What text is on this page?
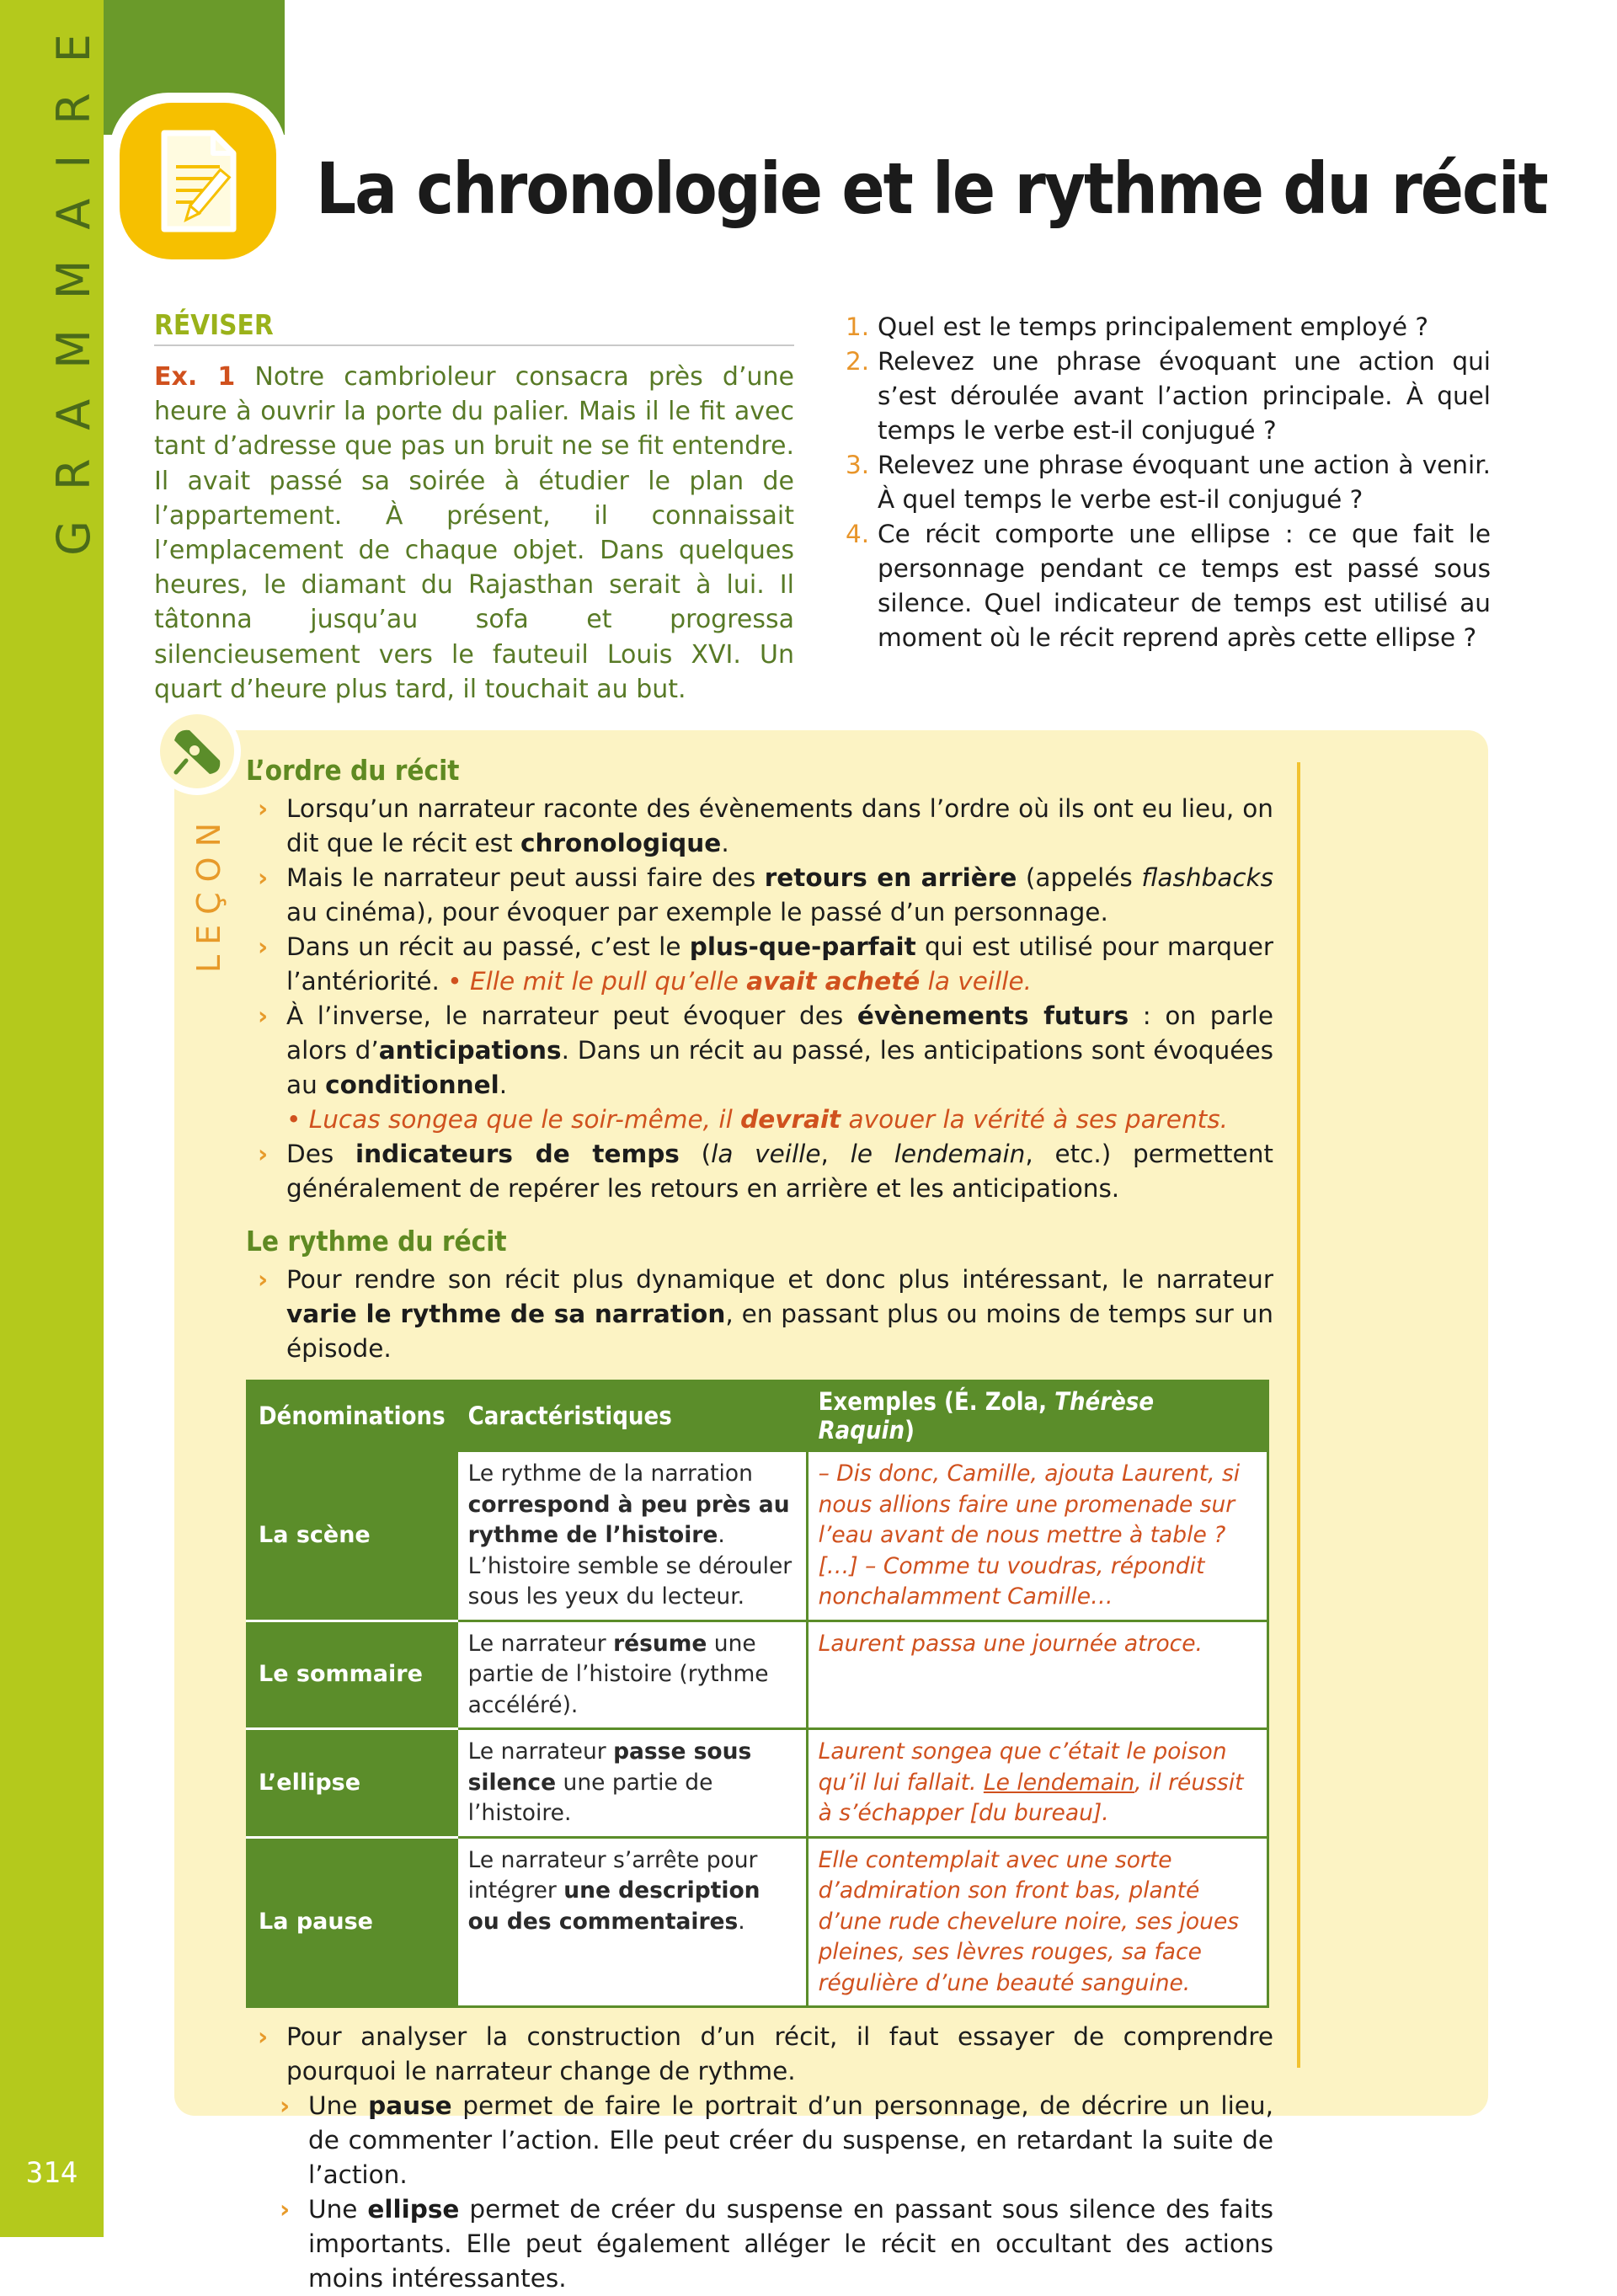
GRAMMAIRE
314
La chronologie et le rythme du récit
RÉVISER

Ex. 1 Notre cambrioleur consacra près d’une heure à ouvrir la porte du palier. Mais il le fit avec tant d’adresse que pas un bruit ne se fit entendre. Il avait passé sa soirée à étudier le plan de l’appartement. À présent, il connaissait l’emplacement de chaque objet. Dans quelques heures, le diamant du Rajasthan serait à lui. Il tâtonna jusqu’au sofa et progressa silencieusement vers le fauteuil Louis XVI. Un quart d’heure plus tard, il touchait au but.

1. Quel est le temps principalement employé ?
2. Relevez une phrase évoquant une action qui s’est déroulée avant l’action principale. À quel temps le verbe est-il conjugué ?
3. Relevez une phrase évoquant une action à venir. À quel temps le verbe est-il conjugué ?
4. Ce récit comporte une ellipse : ce que fait le personnage pendant ce temps est passé sous silence. Quel indicateur de temps est utilisé au moment où le récit reprend après cette ellipse ?
LEÇON
L’ordre du récit

› Lorsqu’un narrateur raconte des évènements dans l’ordre où ils ont eu lieu, on dit que le récit est chronologique.

› Mais le narrateur peut aussi faire des retours en arrière (appelés flashbacks au cinéma), pour évoquer par exemple le passé d’un personnage.

› Dans un récit au passé, c’est le plus-que-parfait qui est utilisé pour marquer l’antériorité. • Elle mit le pull qu’elle avait acheté la veille.

› À l’inverse, le narrateur peut évoquer des évènements futurs : on parle alors d’anticipations. Dans un récit au passé, les anticipations sont évoquées au conditionnel.
• Lucas songea que le soir-même, il devrait avouer la vérité à ses parents.

› Des indicateurs de temps (la veille, le lendemain, etc.) permettent généralement de repérer les retours en arrière et les anticipations.

Le rythme du récit

› Pour rendre son récit plus dynamique et donc plus intéressant, le narrateur varie le rythme de sa narration, en passant plus ou moins de temps sur un épisode.

Dénominations	Caractéristiques	Exemples (É. Zola, Thérèse Raquin)
La scène	Le rythme de la narration correspond à peu près au rythme de l’histoire. L’histoire semble se dérouler sous les yeux du lecteur.	– Dis donc, Camille, ajouta Laurent, si nous allions faire une promenade sur l’eau avant de nous mettre à table ? […] – Comme tu voudras, répondit nonchalamment Camille…
Le sommaire	Le narrateur résume une partie de l’histoire (rythme accéléré).	Laurent passa une journée atroce.
L’ellipse	Le narrateur passe sous silence une partie de l’histoire.	Laurent songea que c’était le poison qu’il lui fallait. Le lendemain, il réussit à s’échapper [du bureau].
La pause	Le narrateur s’arrête pour intégrer une description ou des commentaires.	Elle contemplait avec une sorte d’admiration son front bas, planté d’une rude chevelure noire, ses joues pleines, ses lèvres rouges, sa face régulière d’une beauté sanguine.

› Pour analyser la construction d’un récit, il faut essayer de comprendre pourquoi le narrateur change de rythme.

› Une pause permet de faire le portrait d’un personnage, de décrire un lieu, de commenter l’action. Elle peut créer du suspense, en retardant la suite de l’action.

› Une ellipse permet de créer du suspense en passant sous silence des faits importants. Elle peut également alléger le récit en occultant des actions moins intéressantes.
